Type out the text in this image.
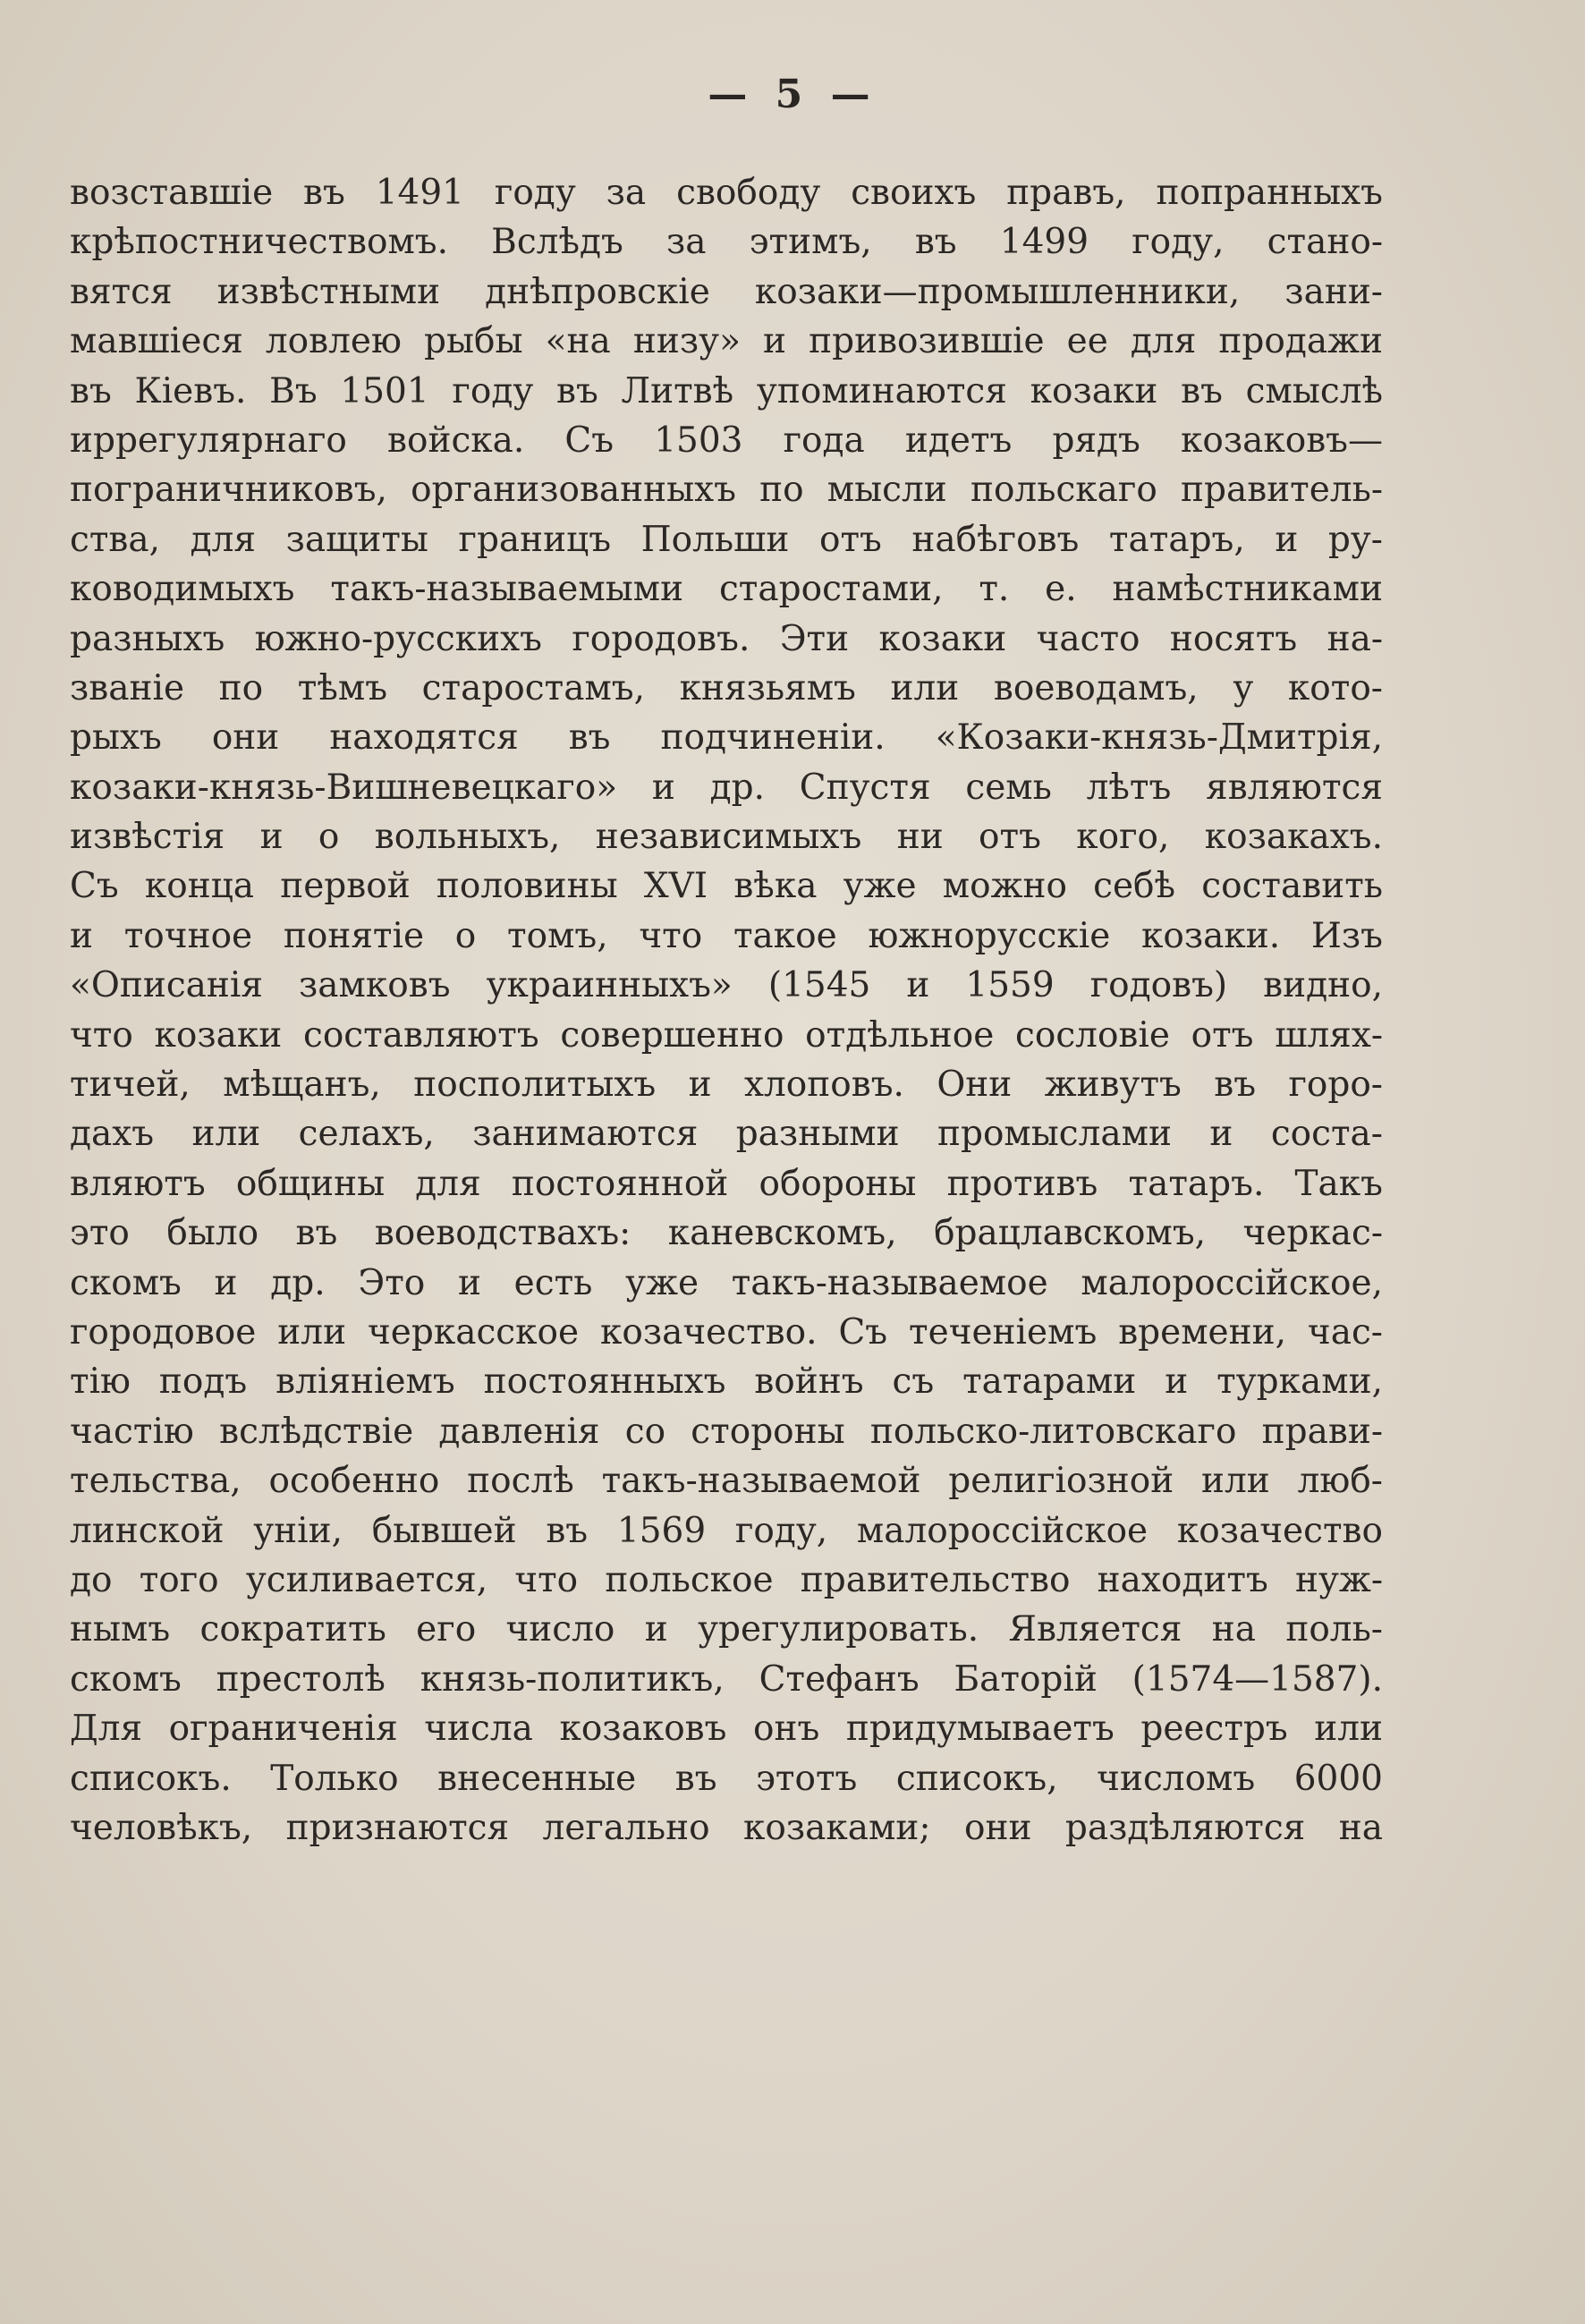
— 5 —
возставшіе въ 1491 году за свободу своихъ правъ, попранныхъ
крѣпостничествомъ. Вслѣдъ за этимъ, въ 1499 году, стано-
вятся извѣстными днѣпровскіе козаки—промышленники, зани-
мавшіеся ловлею рыбы «на низу» и привозившіе ее для продажи
въ Кіевъ. Въ 1501 году въ Литвѣ упоминаются козаки въ смыслѣ
иррегулярнаго войска. Съ 1503 года идетъ рядъ козаковъ—
пограничниковъ, организованныхъ по мысли польскаго правитель-
ства, для защиты границъ Польши отъ набѣговъ татаръ, и ру-
ководимыхъ такъ-называемыми старостами, т. е. намѣстниками
разныхъ южно-русскихъ городовъ. Эти козаки часто носятъ на-
званіе по тѣмъ старостамъ, князьямъ или воеводамъ, у кото-
рыхъ они находятся въ подчиненіи. «Козаки-князь-Дмитрія,
козаки-князь-Вишневецкаго» и др. Спустя семь лѣтъ являются
извѣстія и о вольныхъ, независимыхъ ни отъ кого, козакахъ.
Съ конца первой половины XVI вѣка уже можно себѣ составить
и точное понятіе о томъ, что такое южнорусскіе козаки. Изъ
«Описанія замковъ украинныхъ» (1545 и 1559 годовъ) видно,
что козаки составляютъ совершенно отдѣльное сословіе отъ шлях-
тичей, мѣщанъ, посполитыхъ и хлоповъ. Они живутъ въ горо-
дахъ или селахъ, занимаются разными промыслами и соста-
вляютъ общины для постоянной обороны противъ татаръ. Такъ
это было въ воеводствахъ: каневскомъ, брацлавскомъ, черкас-
скомъ и др. Это и есть уже такъ-называемое малороссійское,
городовое или черкасское козачество. Съ теченіемъ времени, час-
тію подъ вліяніемъ постоянныхъ войнъ съ татарами и турками,
частію вслѣдствіе давленія со стороны польско-литовскаго прави-
тельства, особенно послѣ такъ-называемой религіозной или люб-
линской уніи, бывшей въ 1569 году, малороссійское козачество
до того усиливается, что польское правительство находитъ нуж-
нымъ сократить его число и урегулировать. Является на поль-
скомъ престолѣ князь-политикъ, Стефанъ Баторій (1574—1587).
Для ограниченія числа козаковъ онъ придумываетъ реестръ или
списокъ. Только внесенные въ этотъ списокъ, числомъ 6000
человѣкъ, признаются легально козаками; они раздѣляются на
